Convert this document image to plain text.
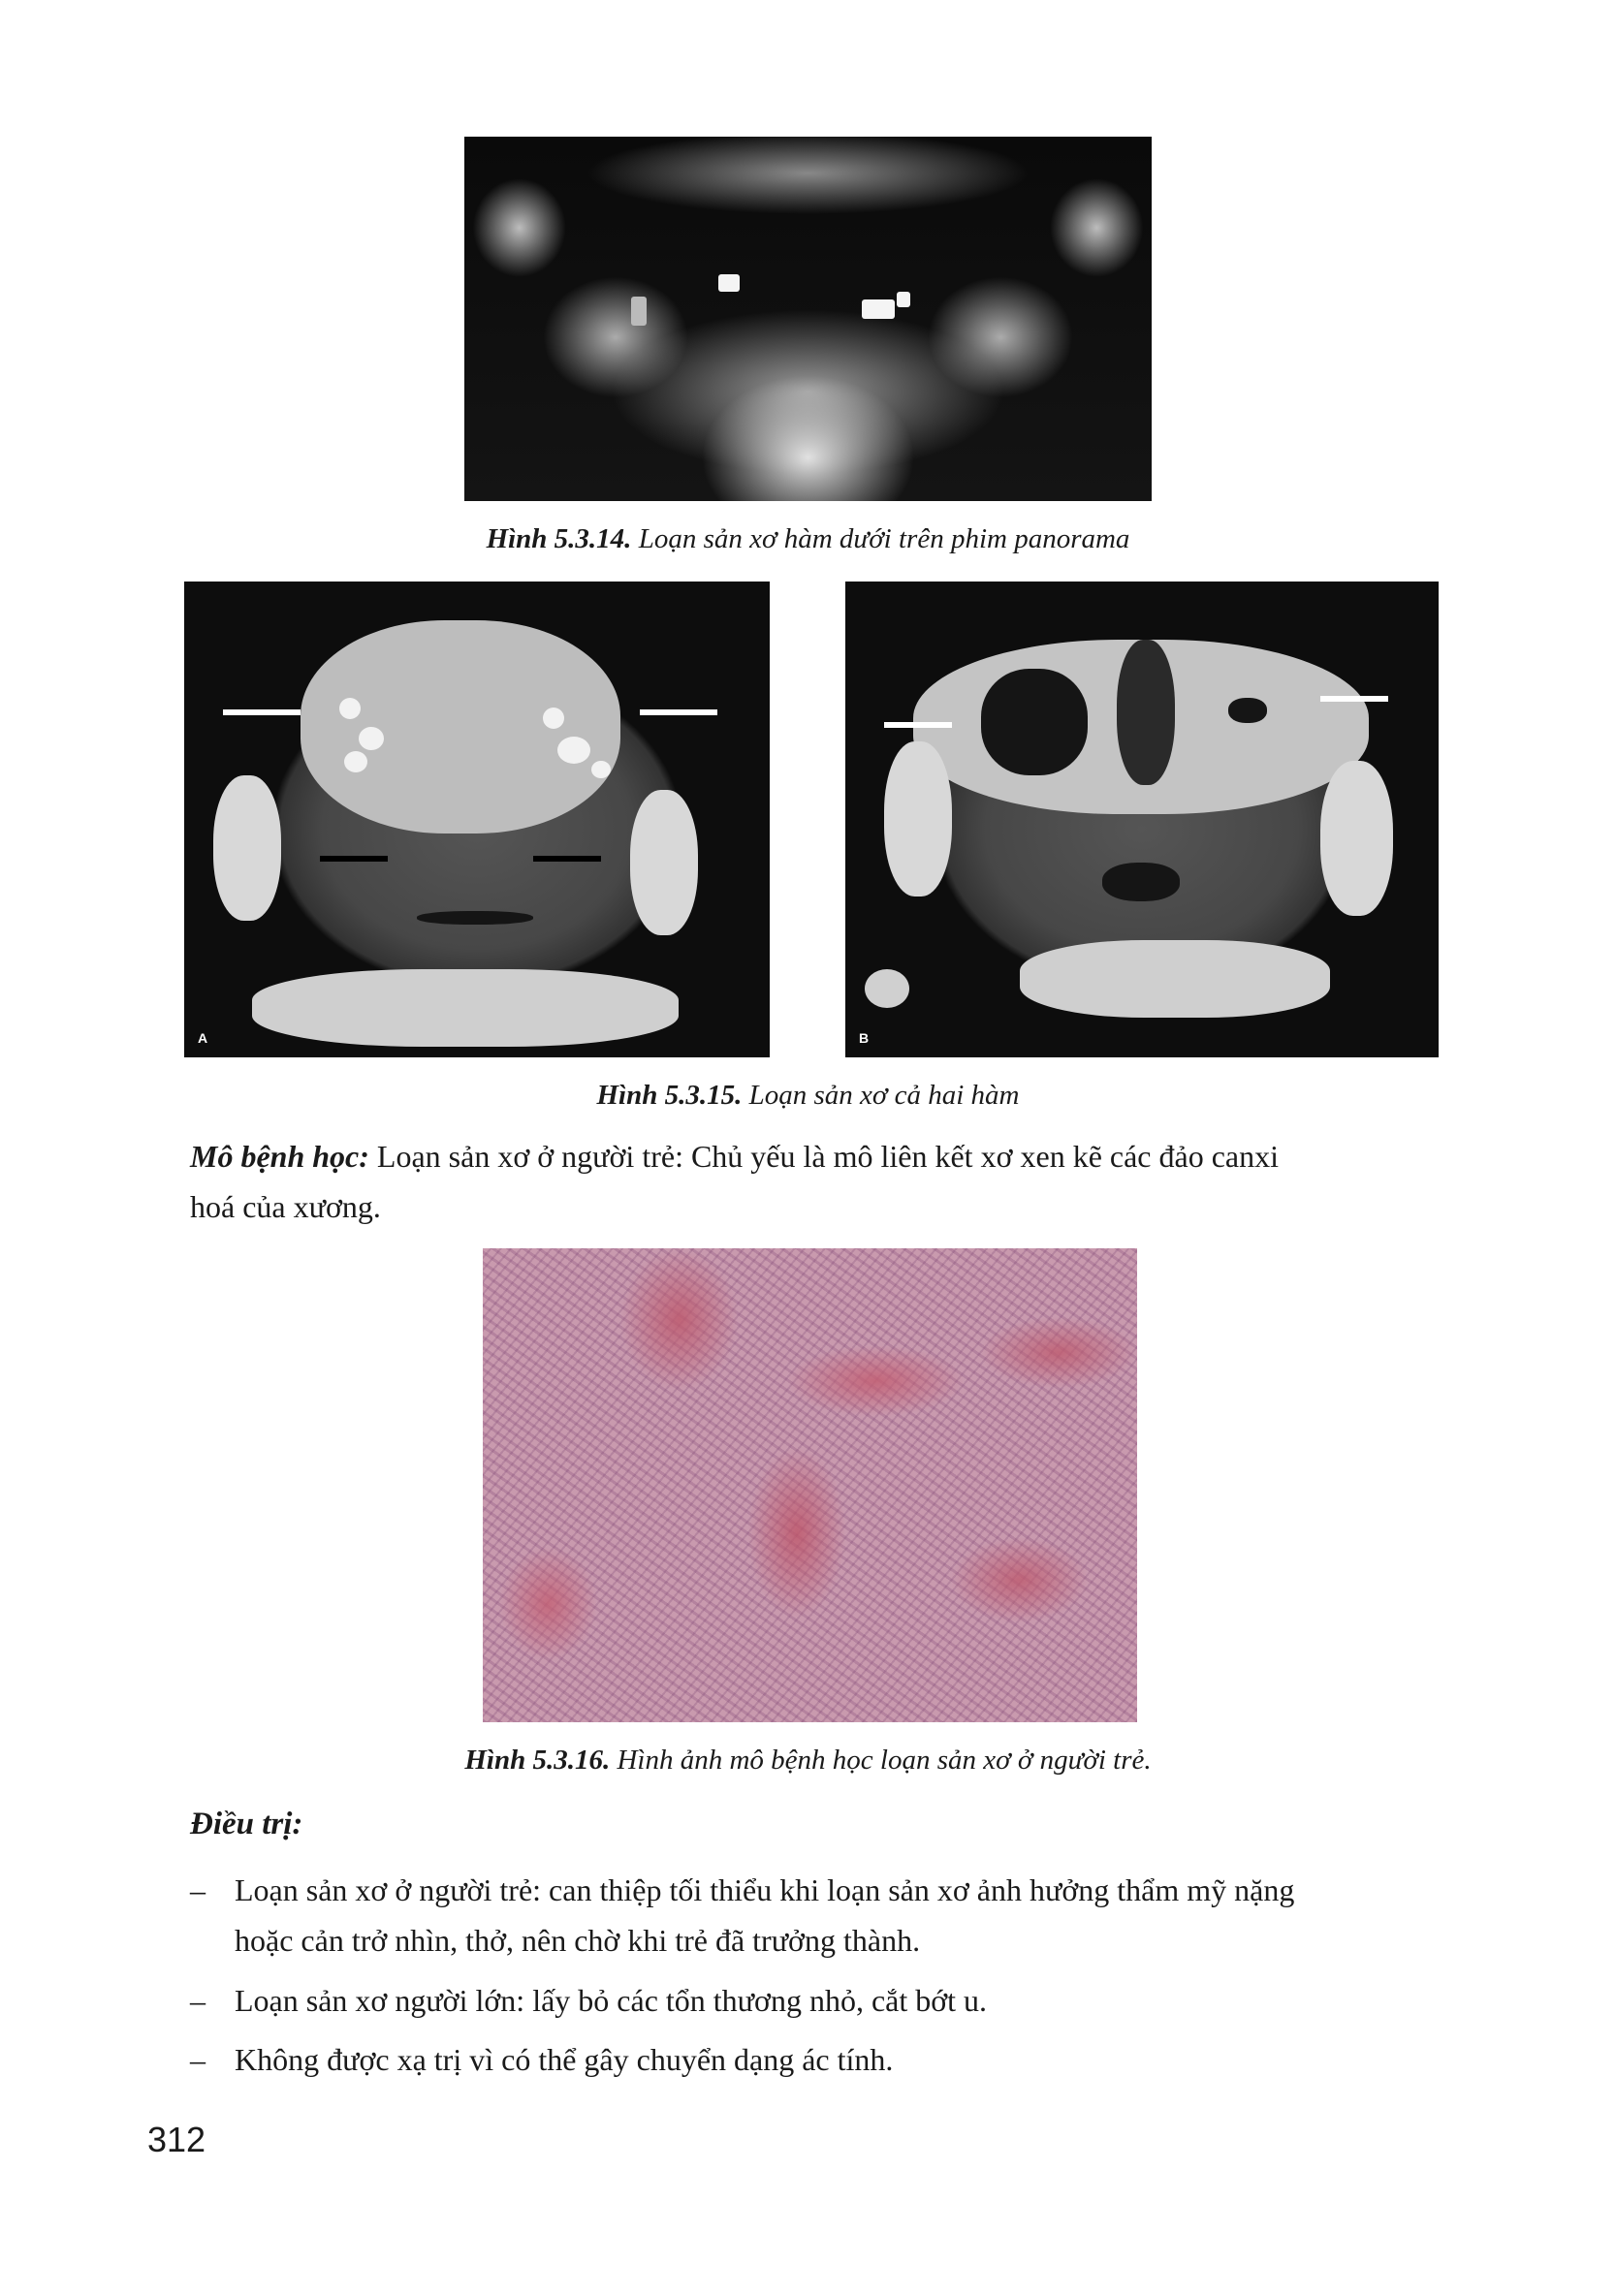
Hình 5.3.14. Loạn sản xơ hàm dưới trên phim panorama
A	B
Hình 5.3.15. Loạn sản xơ cả hai hàm
Mô bệnh học: Loạn sản xơ ở người trẻ: Chủ yếu là mô liên kết xơ xen kẽ các đảo canxi
hoá của xương.
Hình 5.3.16. Hình ảnh mô bệnh học loạn sản xơ ở người trẻ.
Điều trị:
– Loạn sản xơ ở người trẻ: can thiệp tối thiểu khi loạn sản xơ ảnh hưởng thẩm mỹ nặng
hoặc cản trở nhìn, thở, nên chờ khi trẻ đã trưởng thành.
– Loạn sản xơ người lớn: lấy bỏ các tổn thương nhỏ, cắt bớt u.
– Không được xạ trị vì có thể gây chuyển dạng ác tính.
312
